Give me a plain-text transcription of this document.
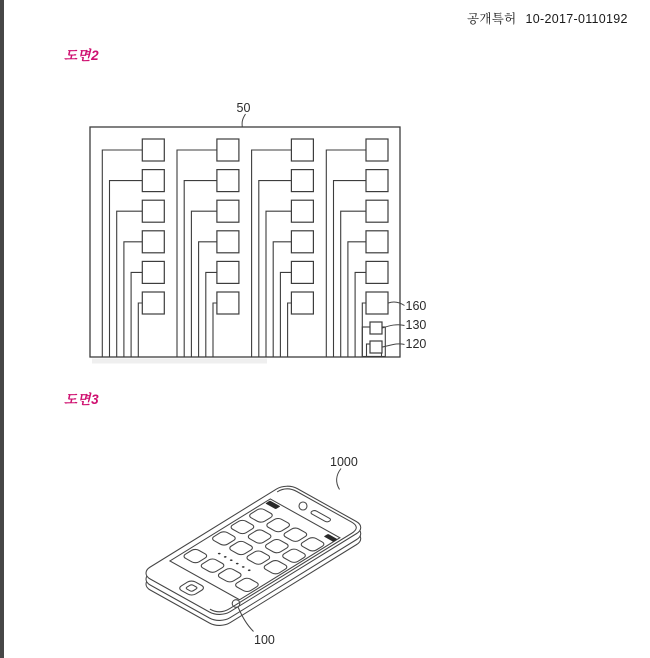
공개특허 10-2017-0110192
도면2
도면3
50
160
130
120
1000
100
